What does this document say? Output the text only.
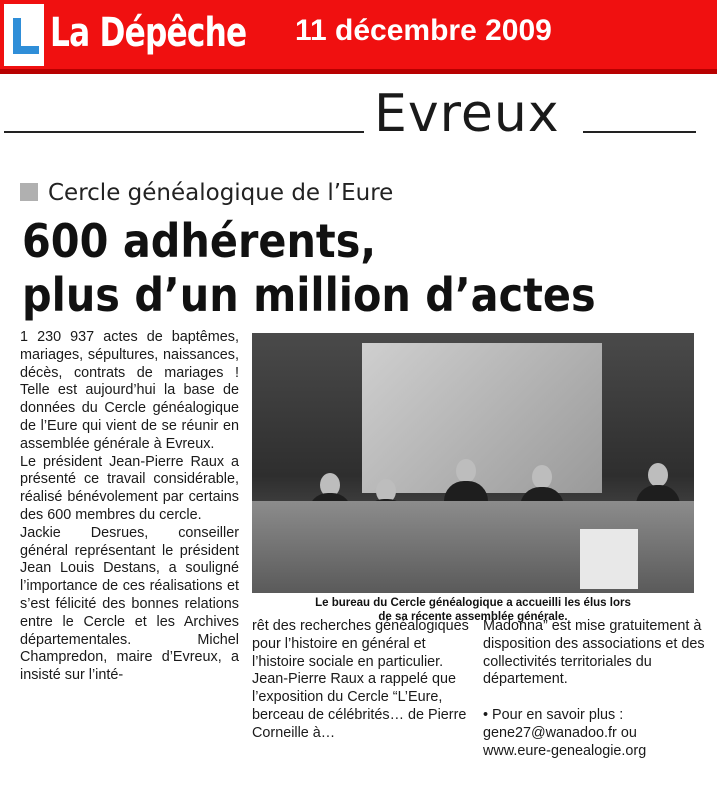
La Dépêche 11 décembre 2009
Evreux
Cercle généalogique de l’Eure
600 adhérents,
plus d’un million d’actes

1 230 937 actes de baptêmes, mariages, sépultures, naissances, décès, contrats de mariages ! Telle est aujourd’hui la base de données du Cercle généalogique de l’Eure qui vient de se réunir en assemblée générale à Evreux.

Le président Jean-Pierre Raux a présenté ce travail considérable, réalisé bénévolement par certains des 600 membres du cercle.

Jackie Desrues, conseiller général représentant le président Jean Louis Destans, a souligné l’importance de ces réalisations et s’est félicité des bonnes relations entre le Cercle et les Archives départementales. Michel Champredon, maire d’Evreux, a insisté sur l’inté-

Le bureau du Cercle généalogique a accueilli les élus lors
de sa récente assemblée générale.

rêt des recherches généalogiques pour l’histoire en général et l’histoire sociale en particulier.

Jean-Pierre Raux a rappelé que l’exposition du Cercle “L’Eure, berceau de célébrités… de Pierre Corneille à…

Madonna” est mise gratuitement à disposition des associations et des collectivités territoriales du département.

• Pour en savoir plus : gene27@wanadoo.fr ou www.eure-genealogie.org
